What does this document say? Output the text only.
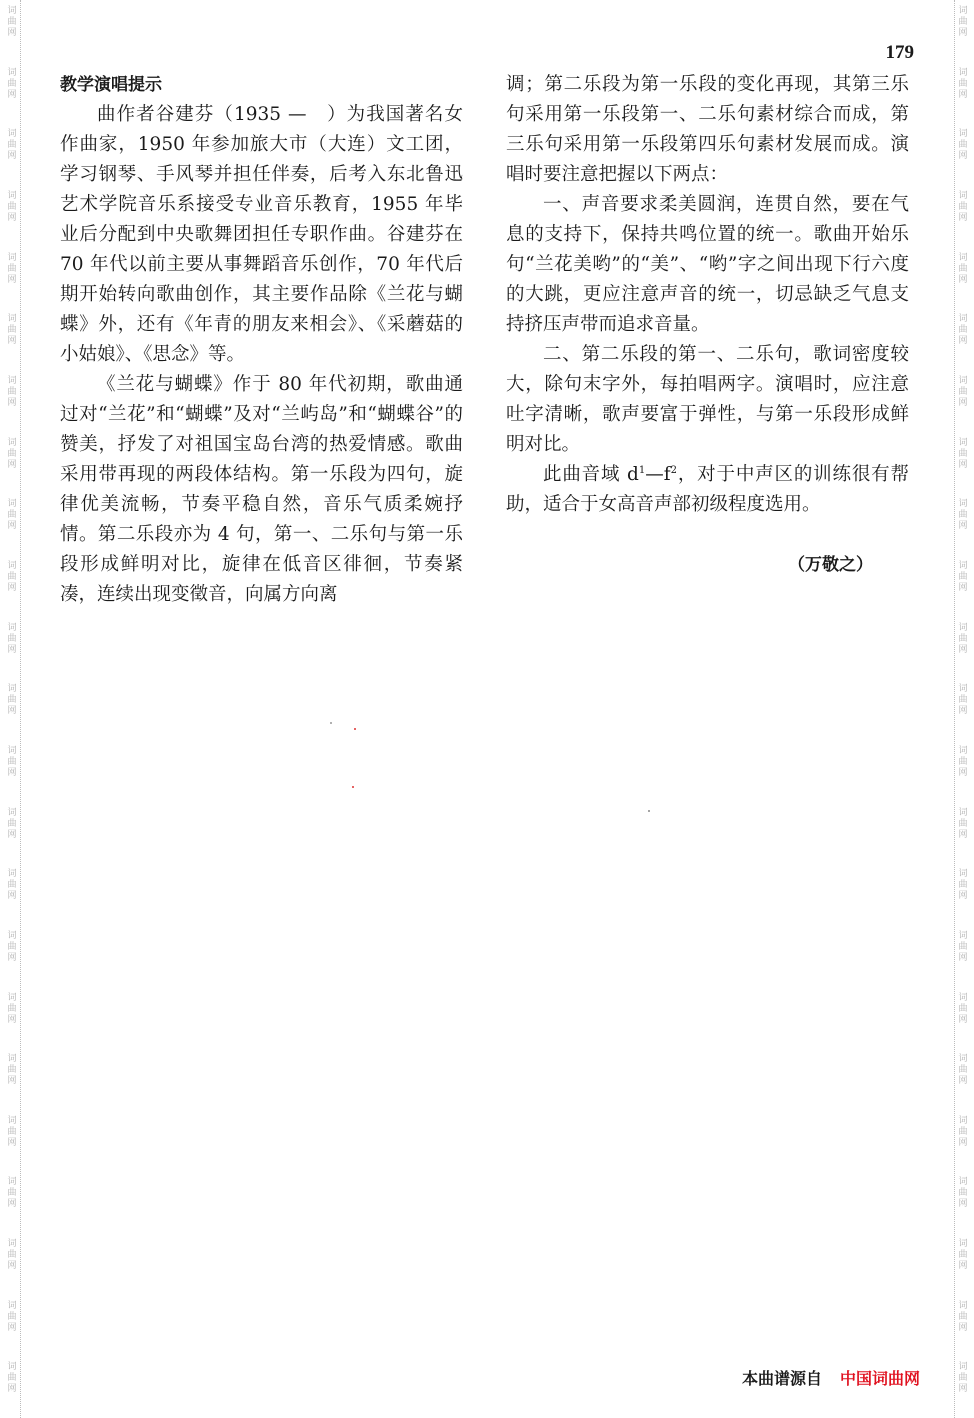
词
曲
网
词
曲
网
词
曲
网
词
曲
网
词
曲
网
词
曲
网
词
曲
网
词
曲
网
词
曲
网
词
曲
网
词
曲
网
词
曲
网
词
曲
网
词
曲
网
词
曲
网
词
曲
网
词
曲
网
词
曲
网
词
曲
网
词
曲
网
词
曲
网
词
曲
网
词
曲
网
词
曲
网
词
曲
网
词
曲
网
词
曲
网
词
曲
网
词
曲
网
词
曲
网
词
曲
网
词
曲
网
词
曲
网
词
曲
网
词
曲
网
词
曲
网
词
曲
网
词
曲
网
词
曲
网
词
曲
网
词
曲
网
词
曲
网
词
曲
网
词
曲
网
词
曲
网
词
曲
网
179

教学演唱提示

曲作者谷建芬（1935 —　）为我国著名女作曲家，1950 年参加旅大市（大连）文工团，学习钢琴、手风琴并担任伴奏，后考入东北鲁迅艺术学院音乐系接受专业音乐教育，1955 年毕业后分配到中央歌舞团担任专职作曲。谷建芬在 70 年代以前主要从事舞蹈音乐创作，70 年代后期开始转向歌曲创作，其主要作品除《兰花与蝴蝶》外，还有《年青的朋友来相会》、《采蘑菇的小姑娘》、《思念》等。

《兰花与蝴蝶》作于 80 年代初期，歌曲通过对“兰花”和“蝴蝶”及对“兰屿岛”和“蝴蝶谷”的赞美，抒发了对祖国宝岛台湾的热爱情感。歌曲采用带再现的两段体结构。第一乐段为四句，旋律优美流畅，节奏平稳自然，音乐气质柔婉抒情。第二乐段亦为 4 句，第一、二乐句与第一乐段形成鲜明对比，旋律在低音区徘徊，节奏紧凑，连续出现变徵音，向属方向离

调；第二乐段为第一乐段的变化再现，其第三乐句采用第一乐段第一、二乐句素材综合而成，第三乐句采用第一乐段第四乐句素材发展而成。演唱时要注意把握以下两点：

一、声音要求柔美圆润，连贯自然，要在气息的支持下，保持共鸣位置的统一。歌曲开始乐句“兰花美哟”的“美”、“哟”字之间出现下行六度的大跳，更应注意声音的统一，切忌缺乏气息支持挤压声带而追求音量。

二、第二乐段的第一、二乐句，歌词密度较大，除句末字外，每拍唱两字。演唱时，应注意吐字清晰，歌声要富于弹性，与第一乐段形成鲜明对比。

此曲音域 $d^1—f^2$，对于中声区的训练很有帮助，适合于女高音声部初级程度选用。

（万敬之）
本曲谱源自 中国词曲网
